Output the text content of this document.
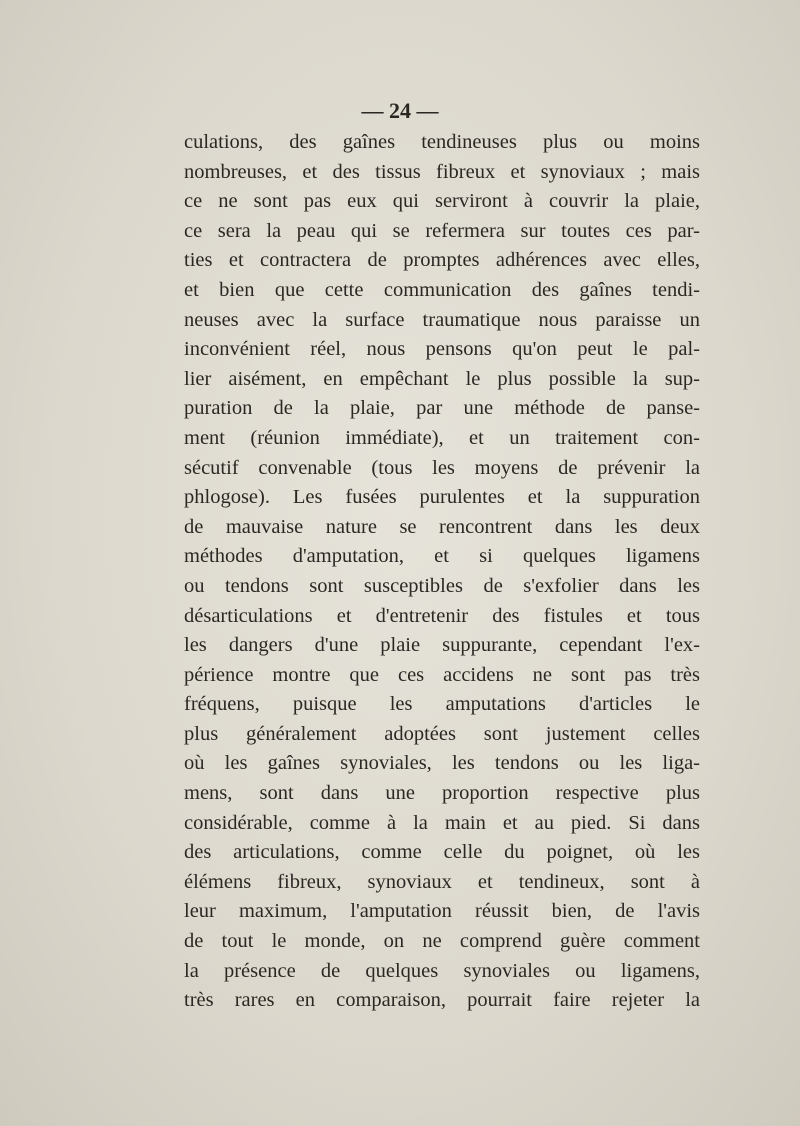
— 24 —
culations, des gaînes tendineuses plus ou moins
nombreuses, et des tissus fibreux et synoviaux ; mais
ce ne sont pas eux qui serviront à couvrir la plaie,
ce sera la peau qui se refermera sur toutes ces par-
ties et contractera de promptes adhérences avec elles,
et bien que cette communication des gaînes tendi-
neuses avec la surface traumatique nous paraisse un
inconvénient réel, nous pensons qu'on peut le pal-
lier aisément, en empêchant le plus possible la sup-
puration de la plaie, par une méthode de panse-
ment (réunion immédiate), et un traitement con-
sécutif convenable (tous les moyens de prévenir la
phlogose). Les fusées purulentes et la suppuration
de mauvaise nature se rencontrent dans les deux
méthodes d'amputation, et si quelques ligamens
ou tendons sont susceptibles de s'exfolier dans les
désarticulations et d'entretenir des fistules et tous
les dangers d'une plaie suppurante, cependant l'ex-
périence montre que ces accidens ne sont pas très
fréquens, puisque les amputations d'articles le
plus généralement adoptées sont justement celles
où les gaînes synoviales, les tendons ou les liga-
mens, sont dans une proportion respective plus
considérable, comme à la main et au pied. Si dans
des articulations, comme celle du poignet, où les
élémens fibreux, synoviaux et tendineux, sont à
leur maximum, l'amputation réussit bien, de l'avis
de tout le monde, on ne comprend guère comment
la présence de quelques synoviales ou ligamens,
très rares en comparaison, pourrait faire rejeter la
